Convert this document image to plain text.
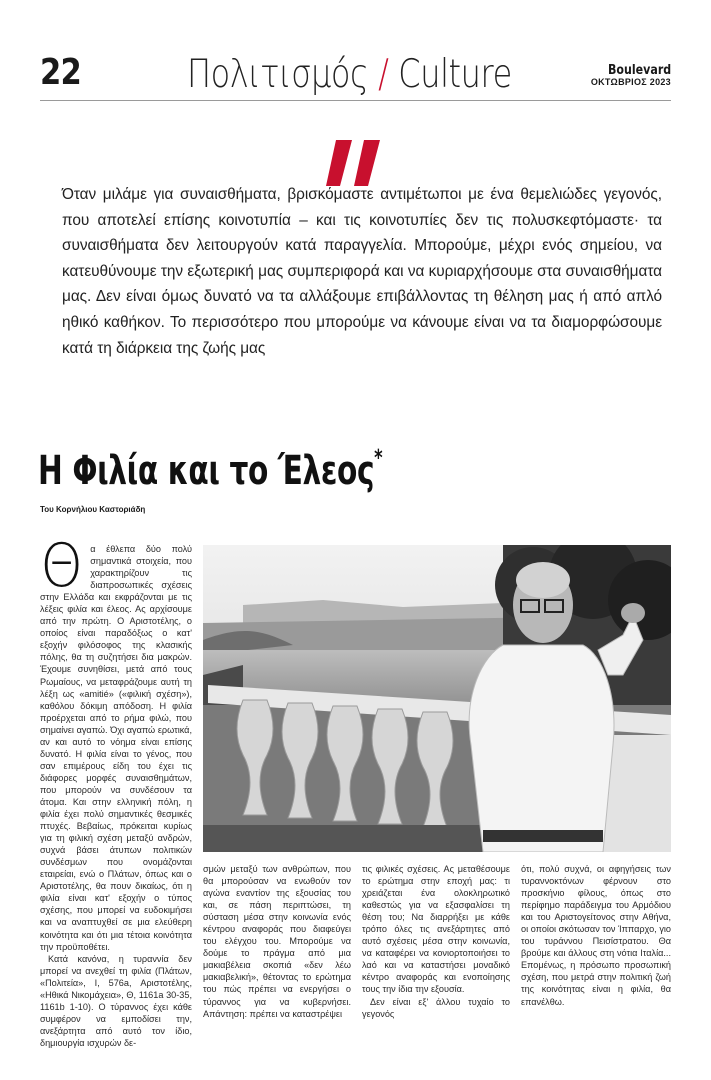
22	Πολιτισμός / Culture	Boulevard
ΟΚΤΩΒΡΙΟΣ 2023
Όταν μιλάμε για συναισθήματα, βρισκόμαστε αντιμέτωποι με ένα θεμελιώδες γεγονός, που αποτελεί επίσης κοινοτυπία – και τις κοινοτυπίες δεν τις πολυσκεφτόμαστε· τα συναισθήματα δεν λειτουργούν κατά παραγγελία. Μπορούμε, μέχρι ενός σημείου, να κατευθύνουμε την εξωτερική μας συμπεριφορά και να κυριαρχήσουμε στα συναισθήματα μας. Δεν είναι όμως δυνατό να τα αλλάξουμε επιβάλλοντας τη θέληση μας ή από απλό ηθικό καθήκον. Το περισσότερο που μπορούμε να κάνουμε είναι να τα διαμορφώσουμε κατά τη διάρκεια της ζωής μας
Η Φιλία και το Έλεος*
Του Κορνήλιου Καστοριάδη

Θα έθλεπα δύο πολύ σημαντικά στοιχεία, που χαρακτηρίζουν τις διαπροσωπικές σχέσεις στην Ελλάδα και εκφράζονται με τις λέξεις φιλία και έλεος. Ας αρχίσουμε από την πρώτη. Ο Αριστοτέλης, ο οποίος είναι παραδόξως ο κατ' εξοχήν φιλόσοφος της κλασικής πόλης, θα τη συζητήσει δια μακρών. Έχουμε συνηθίσει, μετά από τους Ρωμαίους, να μεταφράζουμε αυτή τη λέξη ως «amitié» («φιλική σχέση»), καθόλου δόκιμη απόδοση. Η φιλία προέρχεται από το ρήμα φιλώ, που σημαίνει αγαπώ. Όχι αγαπώ ερωτικά, αν και αυτό το νόημα είναι επίσης δυνατό. Η φιλία είναι το γένος, που σαν επιμέρους είδη του έχει τις διάφορες μορφές συναισθημάτων, που μπορούν να συνδέσουν τα άτομα. Και στην ελληνική πόλη, η φιλία έχει πολύ σημαντικές θεσμικές πτυχές. Βεβαίως, πρόκειται κυρίως για τη φιλική σχέση μεταξύ ανδρών, συχνά βάσει άτυπων πολιτικών συνδέσμων που ονομάζονται εταιρείαι, ενώ ο Πλάτων, όπως και ο Αριστοτέλης, θα πουν δικαίως, ότι η φιλία είναι κατ' εξοχήν ο τύπος σχέσης, που μπορεί να ευδοκιμήσει και να αναπτυχθεί σε μια ελεύθερη κοινότητα και ότι μια τέτοια κοινότητα την προϋποθέτει.

Κατά κανόνα, η τυραννία δεν μπορεί να ανεχθεί τη φιλία (Πλάτων, «Πολιτεία», I, 576a, Αριστοτέλης, «Ηθικά Νικομάχεια», Θ, 1161a 30-35, 1161b 1-10). Ο τύραννος έχει κάθε συμφέρον να εμποδίσει την, ανεξάρτητα από αυτό τον ίδιο, δημιουργία ισχυρών δε-

σμών μεταξύ των ανθρώπων, που θα μπορούσαν να ενωθούν τον αγώνα εναντίον της εξουσίας του και, σε πάση περιπτώσει, τη σύσταση μέσα στην κοινωνία ενός κέντρου αναφοράς που διαφεύγει του ελέγχου του. Μπορούμε να δούμε το πράγμα από μια μακιαβέλεια σκοπιά «δεν λέω μακιαβελική», θέτοντας το ερώτημα του πώς πρέπει να ενεργήσει ο τύραννος για να κυβερνήσει. Απάντηση: πρέπει να καταστρέψει

τις φιλικές σχέσεις. Ας μεταθέσουμε το ερώτημα στην εποχή μας: τι χρειάζεται ένα ολοκληρωτικό καθεστώς για να εξασφαλίσει τη θέση του; Να διαρρήξει με κάθε τρόπο όλες τις ανεξάρτητες από αυτό σχέσεις μέσα στην κοινωνία, να καταφέρει να κονιορτοποιήσει το λαό και να καταστήσει μοναδικό κέντρο αναφοράς και ενοποίησης τους την ίδια την εξουσία.

Δεν είναι εξ' άλλου τυχαίο το γεγονός

ότι, πολύ συχνά, οι αφηγήσεις των τυραννοκτόνων φέρνουν στο προσκήνιο φίλους, όπως στο περίφημο παράδειγμα του Αρμόδιου και του Αριστογείτονος στην Αθήνα, οι οποίοι σκότωσαν τον Ίππαρχο, γιο του τυράννου Πεισίστρατου. Θα βρούμε και άλλους στη νότια Ιταλία... Επομένως, η πρόσωπο προσωπική σχέση, που μετρά στην πολιτική ζωή της κοινότητας είναι η φιλία, θα επανέλθω.
